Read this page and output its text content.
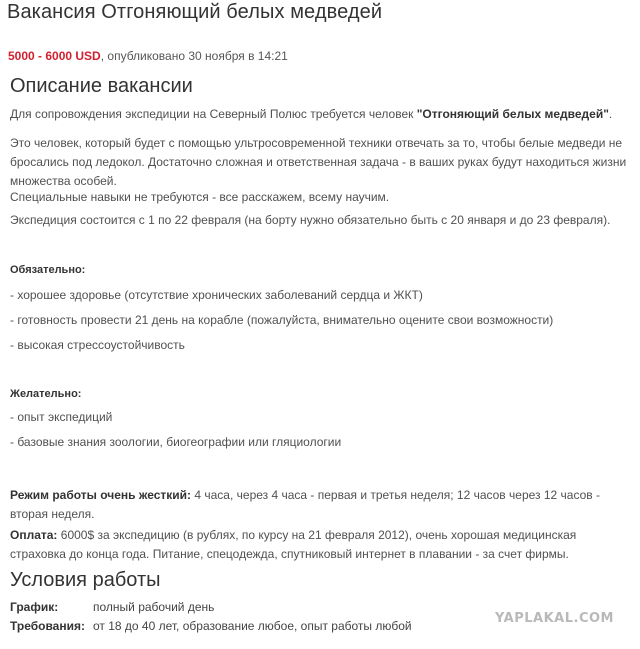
Вакансия Отгоняющий белых медведей
5000 - 6000 USD, опубликовано 30 ноября в 14:21
Описание вакансии
Для сопровождения экспедиции на Северный Полюс требуется человек "Отгоняющий белых медведей".
Это человек, который будет с помощью ультросовременной техники отвечать за то, чтобы белые медведи не бросались под ледокол. Достаточно сложная и ответственная задача - в ваших руках будут находиться жизни множества особей.
Специальные навыки не требуются - все расскажем, всему научим.
Экспедиция состоится с 1 по 22 февраля (на борту нужно обязательно быть с 20 января и до 23 февраля).
Обязательно:
- хорошее здоровье (отсутствие хронических заболеваний сердца и ЖКТ)
- готовность провести 21 день на корабле (пожалуйста, внимательно оцените свои возможности)
- высокая стрессоустойчивость
Желательно:
- опыт экспедиций
- базовые знания зоологии, биогеографии или гляциологии
Режим работы очень жесткий: 4 часа, через 4 часа - первая и третья неделя; 12 часов через 12 часов - вторая неделя.
Оплата: 6000$ за экспедицию (в рублях, по курсу на 21 февраля 2012), очень хорошая медицинская страховка до конца года. Питание, спецодежда, спутниковый интернет в плавании - за счет фирмы.
Условия работы
График:	полный рабочий день
Требования: от 18 до 40 лет, образование любое, опыт работы любой	YAPLAKAL.COM
